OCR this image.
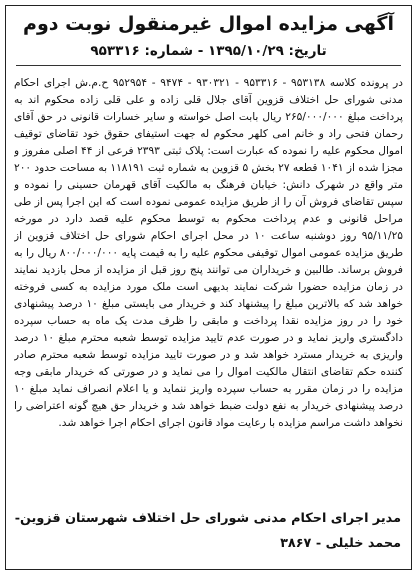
آگهی مزایده اموال غیرمنقول نوبت دوم
تاریخ: ۱۳۹۵/۱۰/۲۹ - شماره: ۹۵۳۳۱۶
در پرونده کلاسه ۹۵۳۱۳۸ - ۹۵۳۳۱۶ - ۹۳۰۳۲۱ - ۹۴۷۴ - ۹۵۲۹۵۴ ح.م.ش اجرای احکام مدنی شورای حل اختلاف قزوین آقای جلال قلی زاده و علی قلی زاده محکوم اند به پرداخت مبلغ ۲۶۵/۰۰۰/۰۰۰ ریال بابت اصل خواسته و سایر خسارات قانونی در حق آقای رحمان فتحی راد و خانم امی کلهر محکوم له جهت استیفای حقوق خود تقاضای توقیف اموال محکوم علیه را نموده که عبارت است: پلاک ثبتی ۲۳۹۳ فرعی از ۴۴ اصلی مفروز و مجزا شده از ۱۰۴۱ قطعه ۲۷ بخش ۵ قزوین به شماره ثبت ۱۱۸۱۹۱ به مساحت حدود ۲۰۰ متر واقع در شهرک دانش: خیابان فرهنگ به مالکیت آقای قهرمان حسینی را نموده و سپس تقاضای فروش آن را از طریق مزایده عمومی نموده است که این اجرا پس از طی مراحل قانونی و عدم پرداخت محکوم به توسط محکوم علیه قصد دارد در مورخه ۹۵/۱۱/۲۵ روز دوشنبه ساعت ۱۰ در محل اجرای احکام شورای حل اختلاف قزوین از طریق مزایده عمومی اموال توقیفی محکوم علیه را به قیمت پایه ۸۰۰/۰۰۰/۰۰۰ ریال را به فروش برساند. طالبین و خریداران می توانند پنج روز قبل از مزایده از محل بازدید نمایند در زمان مزایده حضورا شرکت نمایند بدیهی است ملک مورد مزایده به کسی فروخته خواهد شد که بالاترین مبلغ را پیشنهاد کند و خریدار می بایستی مبلغ ۱۰ درصد پیشنهادی خود را در روز مزایده نقدا پرداخت و مابقی را ظرف مدت یک ماه به حساب سپرده دادگستری واریز نماید و در صورت عدم تایید مزایده توسط شعبه محترم مبلغ ۱۰ درصد واریزی به خریدار مسترد خواهد شد و در صورت تایید مزایده توسط شعبه محترم صادر کننده حکم تقاضای انتقال مالکیت اموال را می نماید و در صورتی که خریدار مابقی وجه مزایده را در زمان مقرر به حساب سپرده واریز ننماید و یا اعلام انصراف نماید مبلغ ۱۰ درصد پیشنهادی خریدار به نفع دولت ضبط خواهد شد و خریدار حق هیچ گونه اعتراضی را نخواهد داشت مراسم مزایده با رعایت مواد قانون اجرای احکام اجرا خواهد شد.
مدیر اجرای احکام مدنی شورای حل اختلاف شهرستان قزوین-
محمد خلیلی - ۳۸۶۷
